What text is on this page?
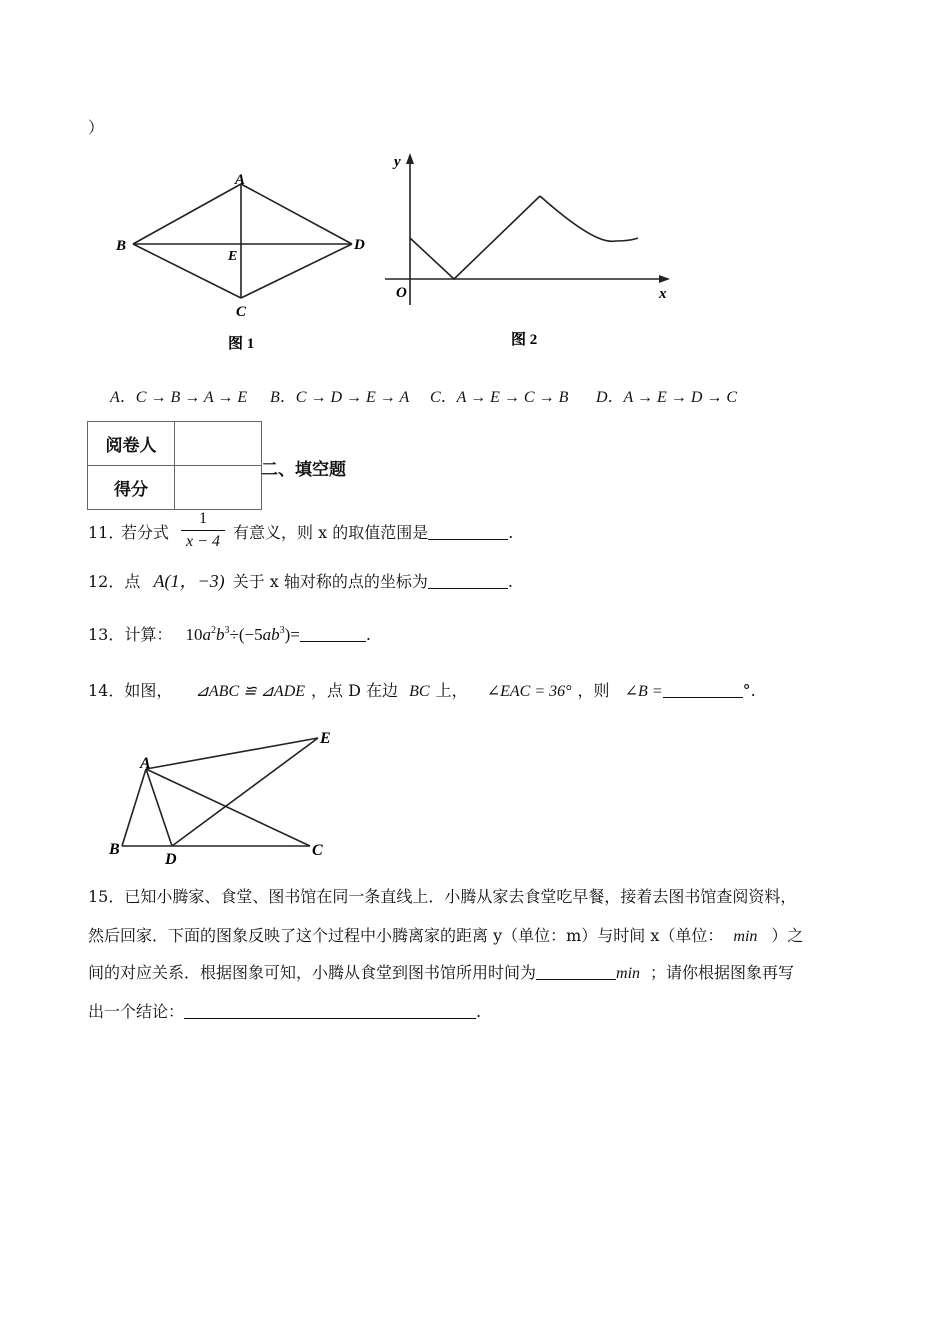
）
A
B
C
D
E
图 1
y
x
O
图 2
A．C → B → A → E B．C → D → E → A C．A → E → C → B D．A → E → D → C
阅卷人	
得分	
二、填空题
11．
若分式
1
x − 4 有意义，则 x 的取值范围是	.
12．点 A(1，−3) 关于 x 轴对称的点的坐标为	.
13．计算： $10a^2b^3\div(-5ab^3)=$	.
14．如图， ⊿ABC ≌ ⊿ADE ，点 D 在边 BC 上， ∠EAC = 36° ，则 ∠B =	°.
A
B	C
D
E
15．已知小腾家、食堂、图书馆在同一条直线上．小腾从家去食堂吃早餐，接着去图书馆查阅资料，
然后回家．下面的图象反映了这个过程中小腾离家的距离 y（单位：m）与时间 x（单位： min ）之
间的对应关系．根据图象可知，小腾从食堂到图书馆所用时间为	min ；请你根据图象再写
出一个结论：	.
